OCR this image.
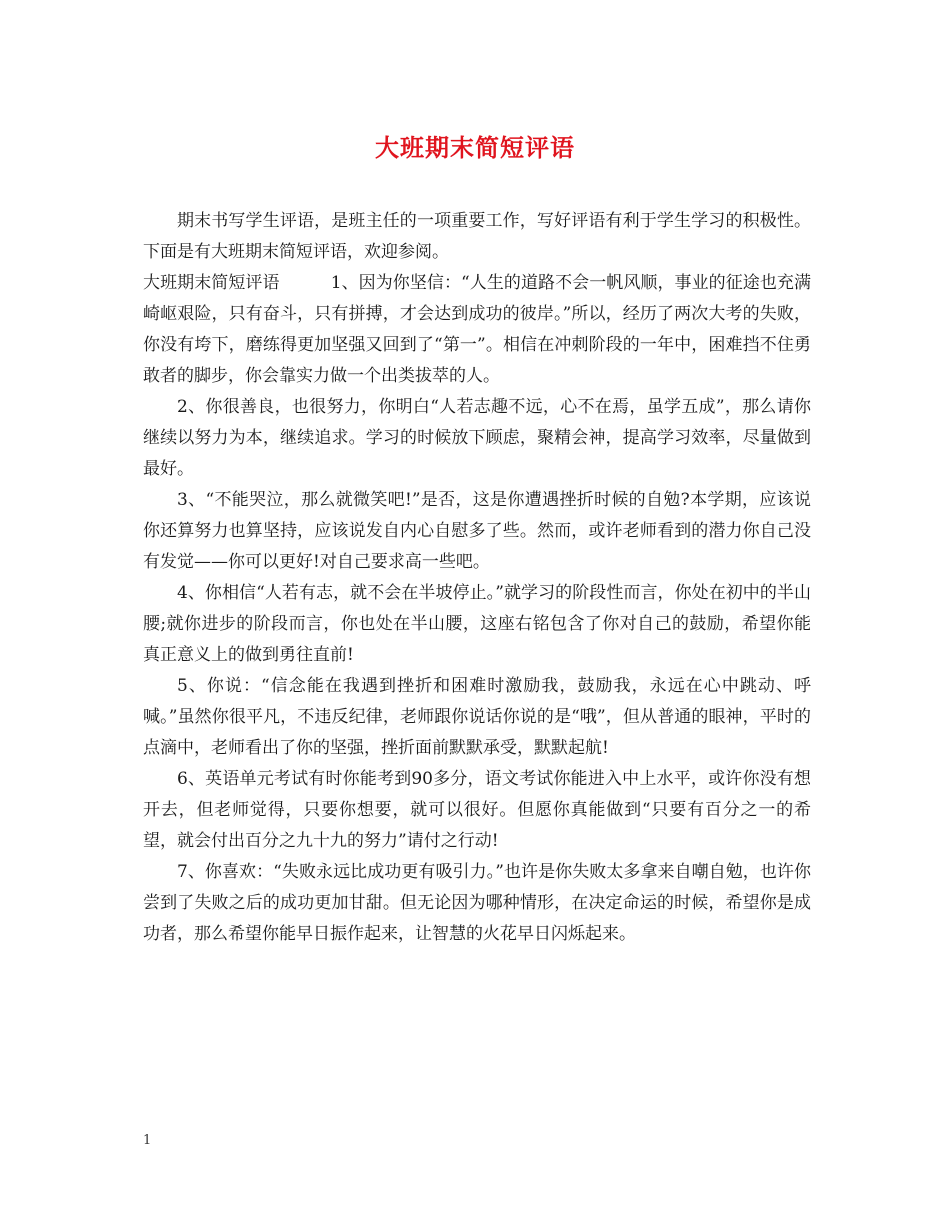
大班期末简短评语

期末书写学生评语，是班主任的一项重要工作，写好评语有利于学生学习的积极性。下面是有大班期末简短评语，欢迎参阅。

大班期末简短评语　　　1、因为你坚信：“人生的道路不会一帆风顺，事业的征途也充满崎岖艰险，只有奋斗，只有拼搏，才会达到成功的彼岸。”所以，经历了两次大考的失败，你没有垮下，磨练得更加坚强又回到了“第一”。相信在冲刺阶段的一年中，困难挡不住勇敢者的脚步，你会靠实力做一个出类拔萃的人。

2、你很善良，也很努力，你明白“人若志趣不远，心不在焉，虽学五成”，那么请你继续以努力为本，继续追求。学习的时候放下顾虑，聚精会神，提高学习效率，尽量做到最好。

3、“不能哭泣，那么就微笑吧!”是否，这是你遭遇挫折时候的自勉?本学期，应该说你还算努力也算坚持，应该说发自内心自慰多了些。然而，或许老师看到的潜力你自己没有发觉——你可以更好!对自己要求高一些吧。

4、你相信“人若有志，就不会在半坡停止。”就学习的阶段性而言，你处在初中的半山腰;就你进步的阶段而言，你也处在半山腰，这座右铭包含了你对自己的鼓励，希望你能真正意义上的做到勇往直前!

5、你说：“信念能在我遇到挫折和困难时激励我，鼓励我，永远在心中跳动、呼喊。”虽然你很平凡，不违反纪律，老师跟你说话你说的是“哦”，但从普通的眼神，平时的点滴中，老师看出了你的坚强，挫折面前默默承受，默默起航!

6、英语单元考试有时你能考到90多分，语文考试你能进入中上水平，或许你没有想开去，但老师觉得，只要你想要，就可以很好。但愿你真能做到“只要有百分之一的希望，就会付出百分之九十九的努力”请付之行动!

7、你喜欢：“失败永远比成功更有吸引力。”也许是你失败太多拿来自嘲自勉，也许你尝到了失败之后的成功更加甘甜。但无论因为哪种情形，在决定命运的时候，希望你是成功者，那么希望你能早日振作起来，让智慧的火花早日闪烁起来。

1
